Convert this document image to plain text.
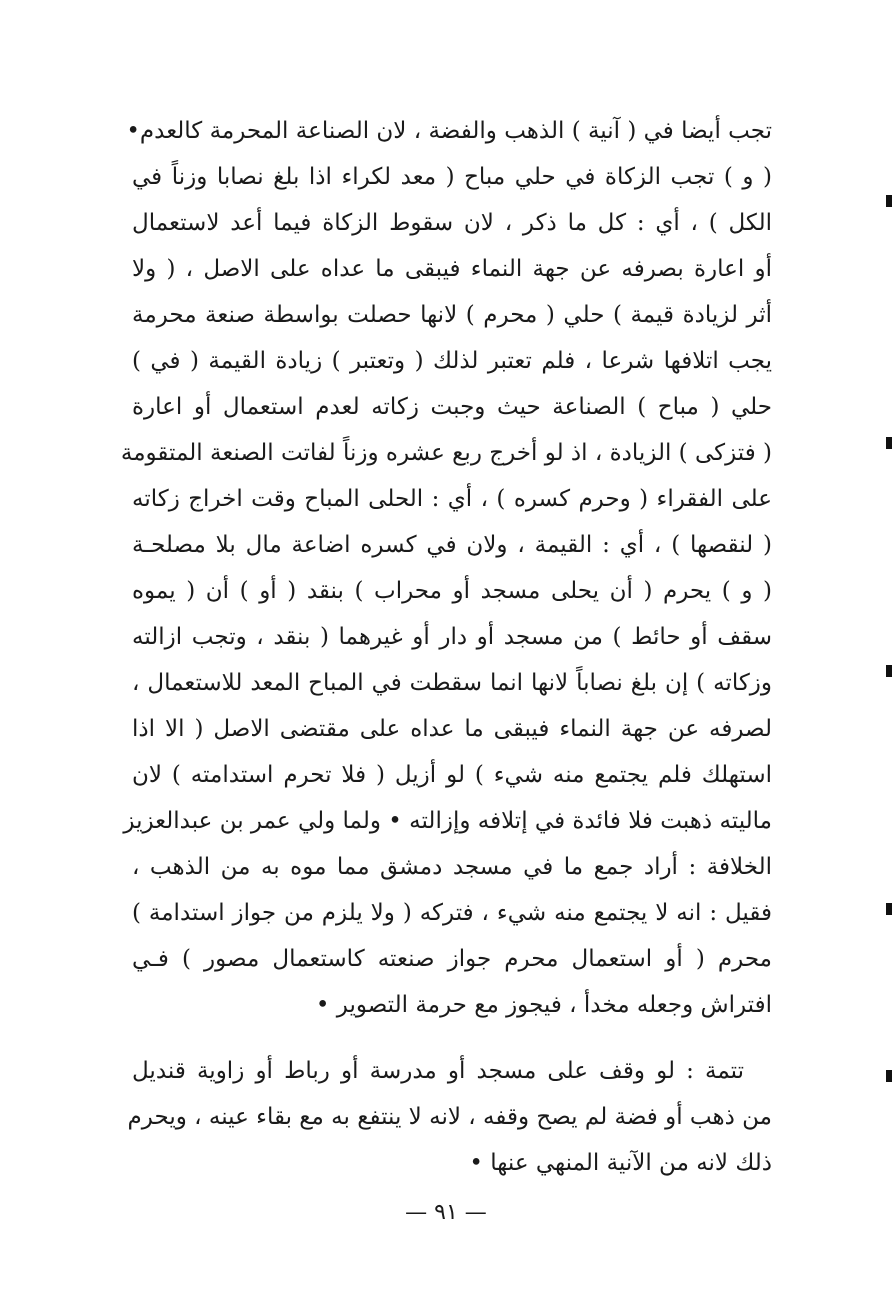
تجب أيضا في ( آنية ) الذهب والفضة ، لان الصناعة المحرمة كالعدم•
( و ) تجب الزكاة في حلي مباح ( معد لكراء اذا بلغ نصابا وزناً في
الكل ) ، أي : كل ما ذكر ، لان سقوط الزكاة فيما أعد لاستعمال
أو اعارة بصرفه عن جهة النماء فيبقى ما عداه على الاصل ، ( ولا
أثر لزيادة قيمة ) حلي ( محرم ) لانها حصلت بواسطة صنعة محرمة
يجب اتلافها شرعا ، فلم تعتبر لذلك ( وتعتبر ) زيادة القيمة ( في )
حلي ( مباح ) الصناعة حيث وجبت زكاته لعدم استعمال أو اعارة
( فتزكى ) الزيادة ، اذ لو أخرج ربع عشره وزناً لفاتت الصنعة المتقومة
على الفقراء ( وحرم كسره ) ، أي : الحلى المباح وقت اخراج زكاته
( لنقصها ) ، أي : القيمة ، ولان في كسره اضاعة مال بلا مصلحـة
( و ) يحرم ( أن يحلى مسجد أو محراب ) بنقد ( أو ) أن ( يموه
سقف أو حائط ) من مسجد أو دار أو غيرهما ( بنقد ، وتجب ازالته
وزكاته ) إن بلغ نصاباً لانها انما سقطت في المباح المعد للاستعمال ،
لصرفه عن جهة النماء فيبقى ما عداه على مقتضى الاصل ( الا اذا
استهلك فلم يجتمع منه شيء ) لو أزيل ( فلا تحرم استدامته ) لان
ماليته ذهبت فلا فائدة في إتلافه وإزالته • ولما ولي عمر بن عبدالعزيز
الخلافة : أراد جمع ما في مسجد دمشق مما موه به من الذهب ،
فقيل : انه لا يجتمع منه شيء ، فتركه ( ولا يلزم من جواز استدامة )
محرم ( أو استعمال محرم جواز صنعته كاستعمال مصور ) فـي
افتراش وجعله مخدأ ، فيجوز مع حرمة التصوير •
تتمة : لو وقف على مسجد أو مدرسة أو رباط أو زاوية قنديل
من ذهب أو فضة لم يصح وقفه ، لانه لا ينتفع به مع بقاء عينه ، ويحرم
ذلك لانه من الآنية المنهي عنها •
— ٩١ —
